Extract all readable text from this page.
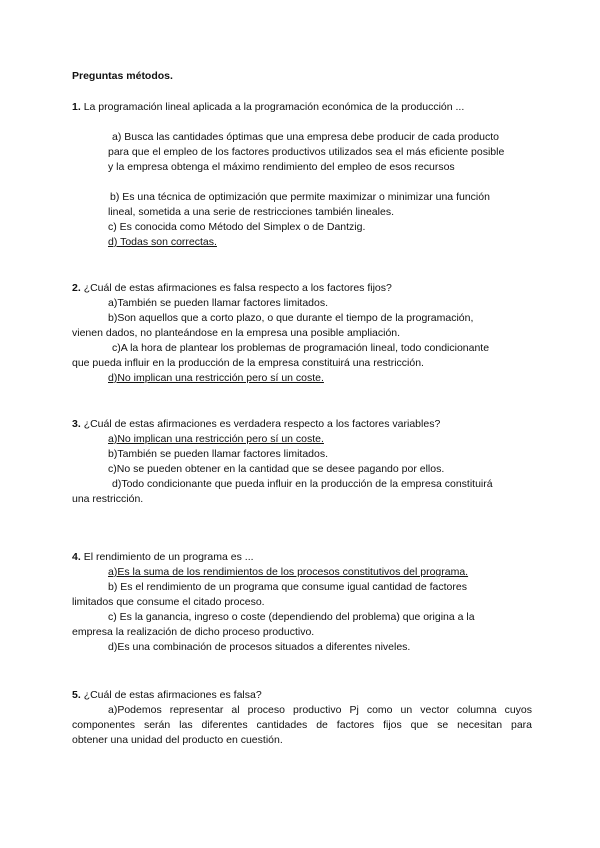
Preguntas métodos.

1. La programación lineal aplicada a la programación económica de la producción ...

a) Busca las cantidades óptimas que una empresa debe producir de cada producto

para que el empleo de los factores productivos utilizados sea el más eficiente posible

y la empresa obtenga el máximo rendimiento del empleo de esos recursos

b) Es una técnica de optimización que permite maximizar o minimizar una función

lineal, sometida a una serie de restricciones también lineales.

c) Es conocida como Método del Simplex o de Dantzig.

d) Todas son correctas.

2. ¿Cuál de estas afirmaciones es falsa respecto a los factores fijos?

a)También se pueden llamar factores limitados.

b)Son aquellos que a corto plazo, o que durante el tiempo de la programación,

vienen dados, no planteándose en la empresa una posible ampliación.

c)A la hora de plantear los problemas de programación lineal, todo condicionante

que pueda influir en la producción de la empresa constituirá una restricción.

d)No implican una restricción pero sí un coste.

3. ¿Cuál de estas afirmaciones es verdadera respecto a los factores variables?

a)No implican una restricción pero sí un coste.

b)También se pueden llamar factores limitados.

c)No se pueden obtener en la cantidad que se desee pagando por ellos.

d)Todo condicionante que pueda influir en la producción de la empresa constituirá

una restricción.

4. El rendimiento de un programa es ...

a)Es la suma de los rendimientos de los procesos constitutivos del programa.

b) Es el rendimiento de un programa que consume igual cantidad de factores

limitados que consume el citado proceso.

c) Es la ganancia, ingreso o coste (dependiendo del problema) que origina a la

empresa la realización de dicho proceso productivo.

d)Es una combinación de procesos situados a diferentes niveles.

5. ¿Cuál de estas afirmaciones es falsa?

a)Podemos representar al proceso productivo Pj como un vector columna cuyos

componentes serán las diferentes cantidades de factores fijos que se necesitan para

obtener una unidad del producto en cuestión.
